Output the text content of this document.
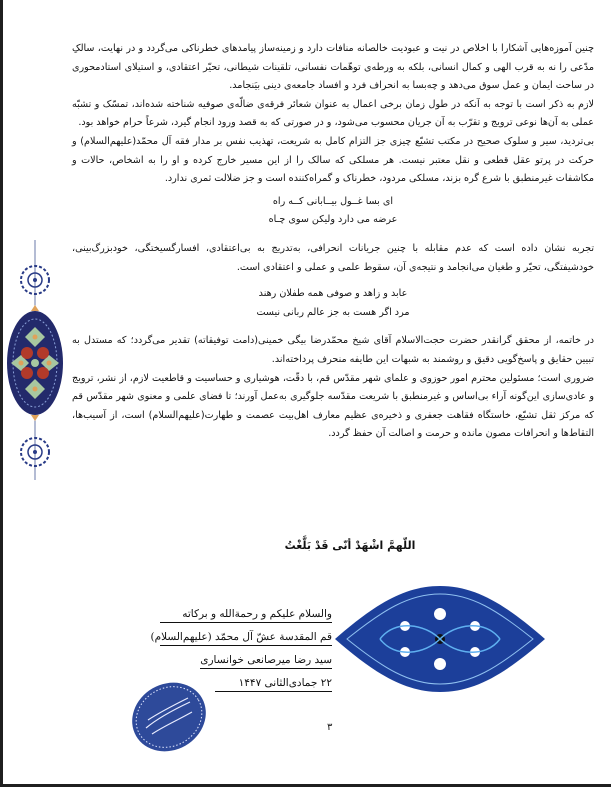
چنین آموزه‌هایی آشکارا با اخلاص در نیت و عبودیت خالصانه منافات دارد و زمینه‌ساز پیامدهای خطرناکی می‌گردد و در نهایت، سالکِ مدّعی را نه به قرب الهی و کمال انسانی، بلکه به ورطه‌ی توهّمات نفسانی، تلقینات شیطانی، تحیّر اعتقادی، و استیلای استادمحوری در ساحت ایمان و عمل سوق می‌دهد و چه‌بسا به انحراف فرد و افساد جامعه‌ی دینی بیَنجامد.

لازم به ذکر است با توجه به آنکه در طول زمان برخی اعمال به عنوان شعائر فرقه‌ی ضالّه‌ی صوفیه شناخته شده‌اند، تمسّک و تشبّه عملی به آن‌ها نوعی ترویج و تقرّب به آن جریان محسوب می‌شود، و در صورتی که به قصد ورود انجام گیرد، شرعاً حرام خواهد بود.

بی‌تردید، سیر و سلوک صحیح در مکتب تشیّع چیزی جز التزام کامل به شریعت، تهذیب نفس بر مدار فقه آل محمّد(علیهم‌السلام) و حرکت در پرتو عقل قطعی و نقل معتبر نیست. هر مسلکی که سالک را از این مسیر خارج کرده و او را به اشخاص، حالات و مکاشفات غیرمنطبق با شرع گره بزند، مسلکی مردود، خطرناک و گمراه‌کننده است و جز ضلالت ثمری ندارد.

ای بسا غــول بیــابانی کــه راه
عرضه می دارد ولیکن سوی چـاه

تجربه نشان داده است که عدم مقابله با چنین جریانات انحرافی، به‌تدریج به بی‌اعتقادی، افسارگسیختگی، خودبزرگ‌بینی، خودشیفتگی، تحیّر و طغیان می‌انجامد و نتیجه‌ی آن، سقوط علمی و عملی و اعتقادی است.

عابد و زاهد و صوفی همه طفلان رهند
مرد اگر هست به جز عالم ربانی نیست

در خاتمه، از محقق گرانقدر حضرت حجت‌الاسلام آقای شیخ محمّدرضا بیگی خمینی(دامت توفیقاته) تقدیر می‌گردد؛ که مستدل به تبیین حقایق و پاسخ‌گویی دقیق و روشمند به شبهات این طایفه منحرف پرداخته‌اند.

ضروری است؛ مسئولین محترم امور حوزوی و علمای شهر مقدّس قم، با دقّت، هوشیاری و حساسیت و قاطعیت لازم، از نشر، ترویج و عادی‌سازی این‌گونه آراء بی‌اساس و غیرمنطبق با شریعت مقدّسه جلوگیری به‌عمل آورند؛ تا فضای علمی و معنوی شهر مقدّس قم که مرکز ثقل تشیّع، خاستگاه فقاهت جعفری و ذخیره‌ی عظیم معارف اهل‌بیت عصمت و طهارت(علیهم‌السلام) است، از آسیب‌ها، التقاط‌ها و انحرافات مصون مانده و حرمت و اصالت آن حفظ گردد.

اللّهمَّ اشْهَدْ أنّی قَدْ بَلَّغْتُ
والسلام علیکم و رحمةالله و برکاته
قم المقدسة عشّ آل محمّد (علیهم‌السلام)
سید رضا میرصانعی خوانساری
۲۲ جمادی‌الثانی ۱۴۴۷
۳
